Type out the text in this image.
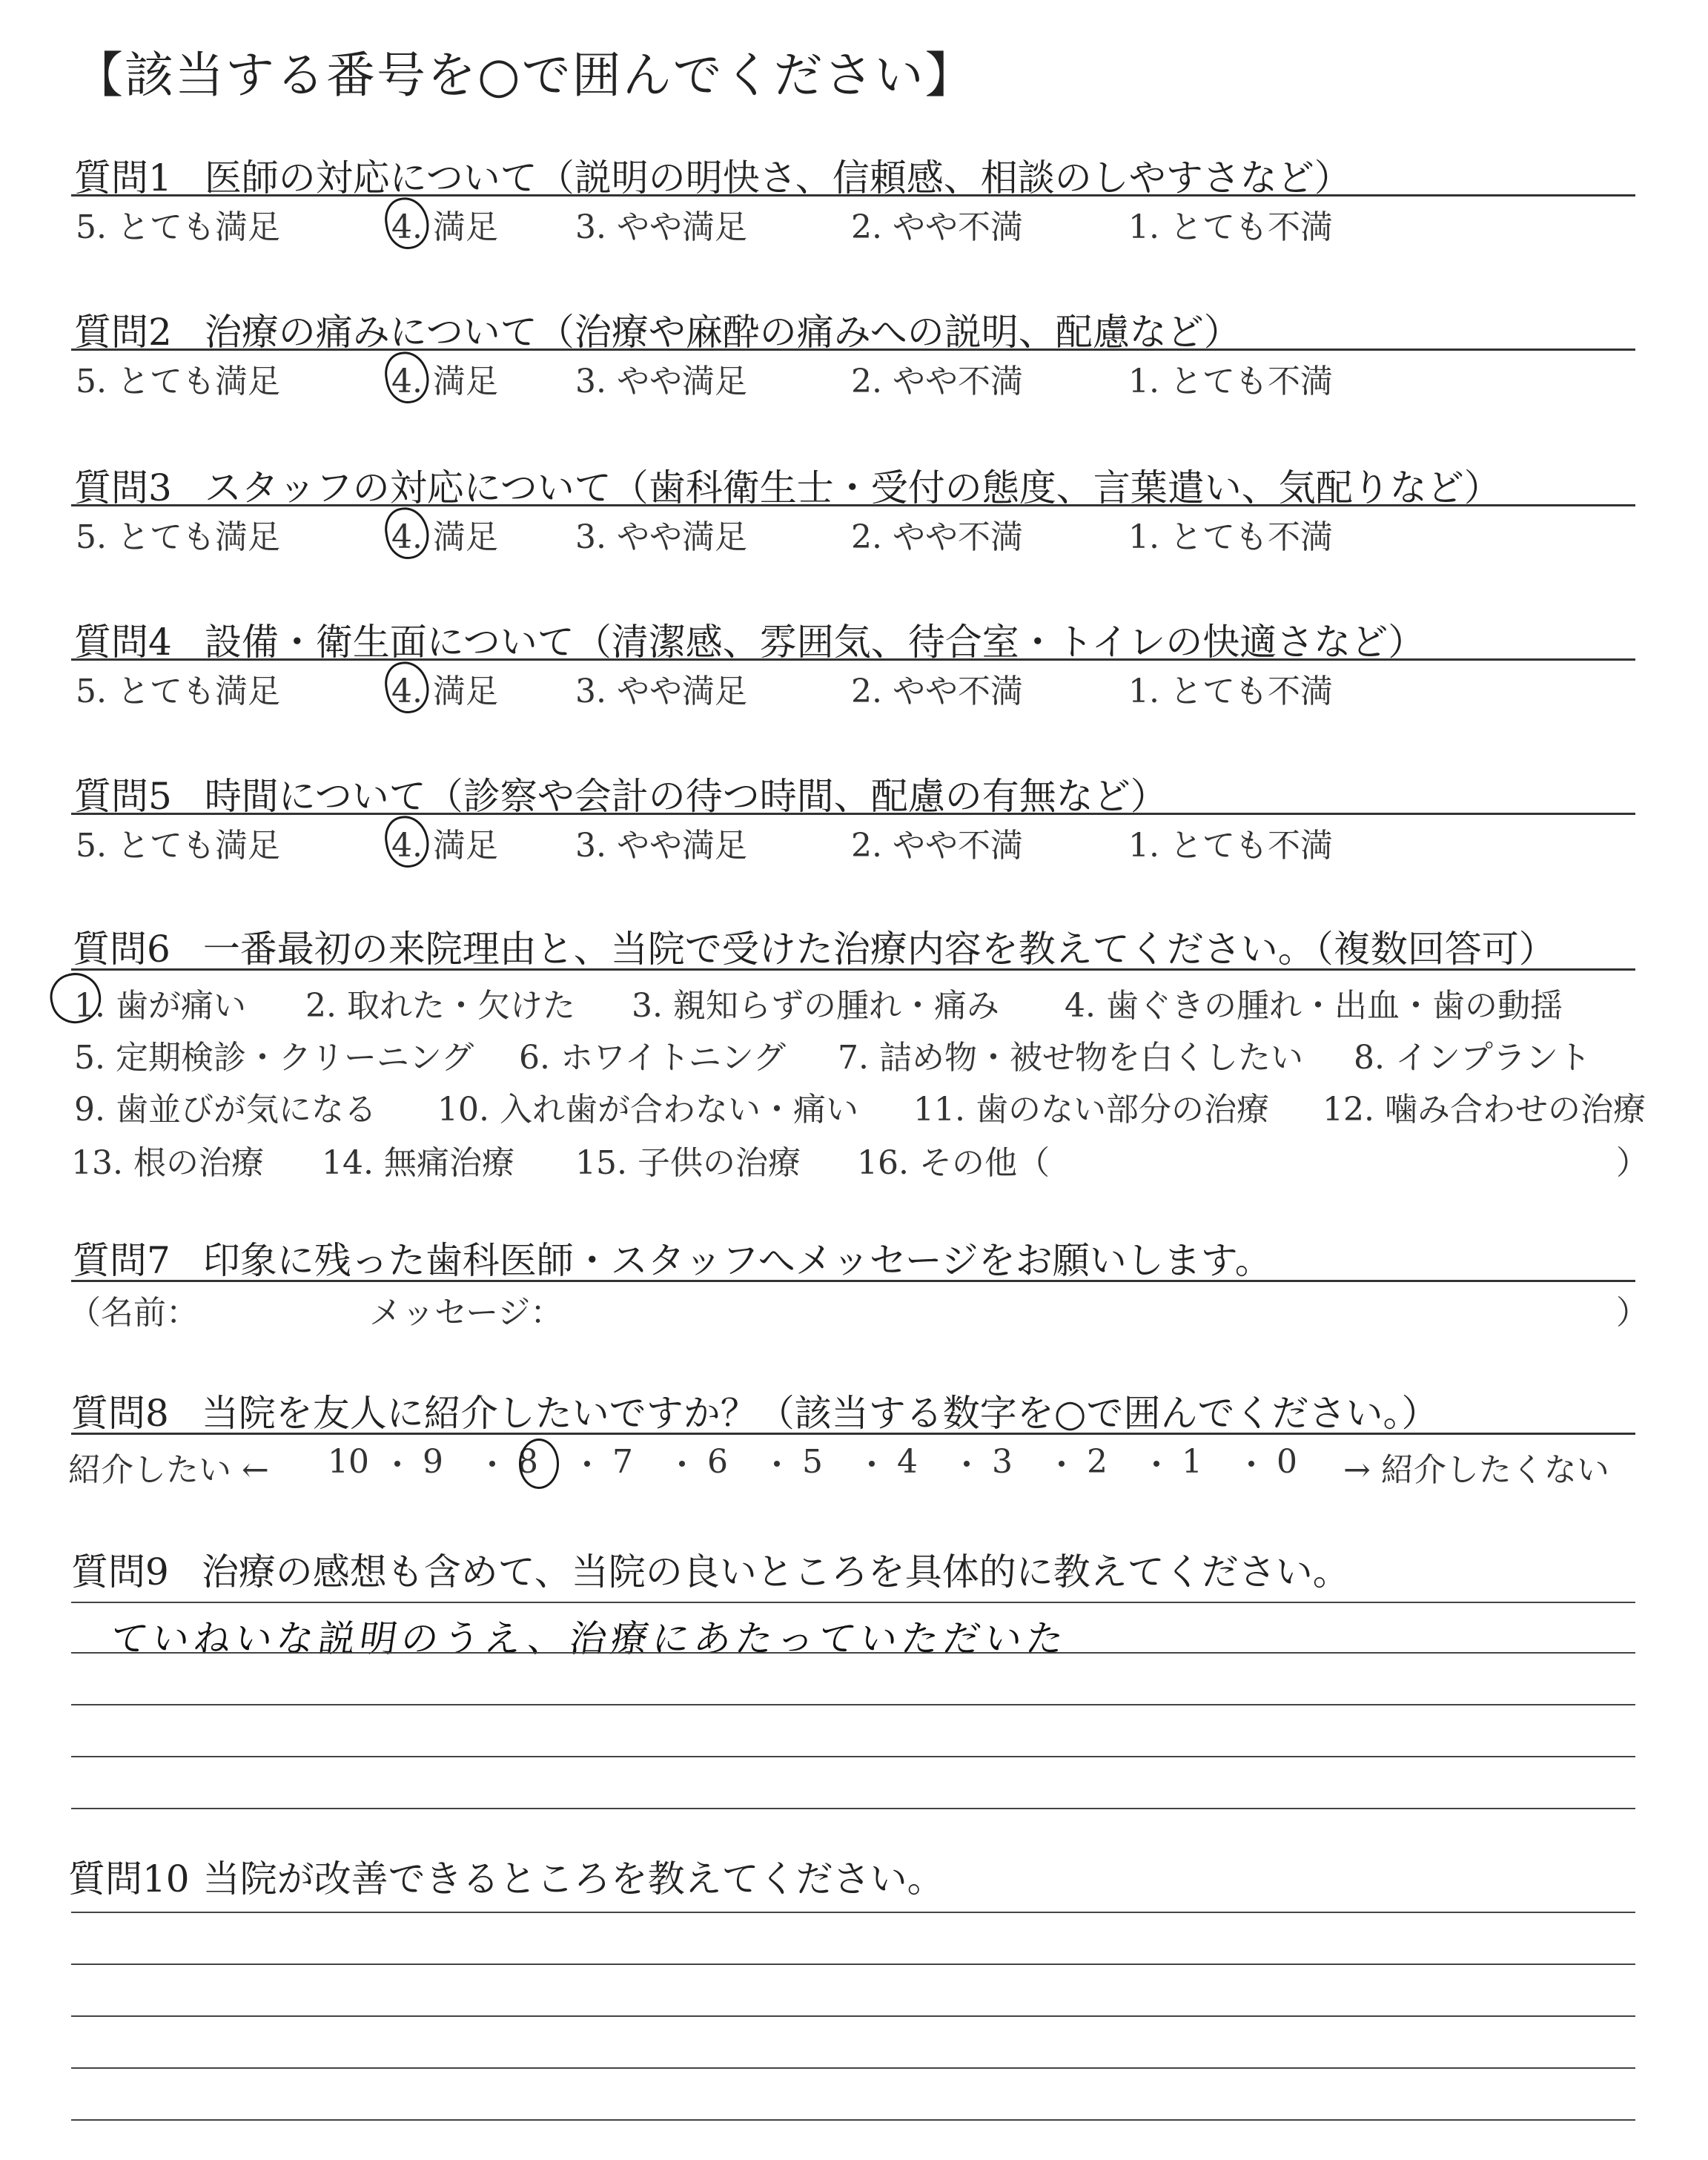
【該当する番号を○で囲んでください】
質問1 医師の対応について（説明の明快さ、信頼感、相談のしやすさなど）
5. とても満足	4. 満足 3. やや満足	2. やや不満	1. とても不満
質問2 治療の痛みについて（治療や麻酔の痛みへの説明、配慮など）
5. とても満足	4. 満足 3. やや満足	2. やや不満	1. とても不満
質問3 スタッフの対応について（歯科衛生士・受付の態度、言葉遣い、気配りなど）
5. とても満足	4. 満足 3. やや満足	2. やや不満	1. とても不満
質問4 設備・衛生面について（清潔感、雰囲気、待合室・トイレの快適さなど）
5. とても満足	4. 満足 3. やや満足	2. やや不満	1. とても不満
質問5 時間について（診察や会計の待つ時間、配慮の有無など）
5. とても満足	4. 満足 3. やや満足	2. やや不満	1. とても不満
質問6 一番最初の来院理由と、当院で受けた治療内容を教えてください。（複数回答可）
1. 歯が痛い 2. 取れた・欠けた 3. 親知らずの腫れ・痛み 4. 歯ぐきの腫れ・出血・歯の動揺
5. 定期検診・クリーニング 6. ホワイトニング 7. 詰め物・被せ物を白くしたい 8. インプラント
9. 歯並びが気になる 10. 入れ歯が合わない・痛い 11. 歯のない部分の治療 12. 噛み合わせの治療
13. 根の治療 14. 無痛治療 15. 子供の治療 16. その他（	）
質問7 印象に残った歯科医師・スタッフへメッセージをお願いします。
（名前：	メッセージ：	）
質問8 当院を友人に紹介したいですか？（該当する数字を○で囲んでください。）
紹介したい ←	→ 紹介したくない
10 9 8 7 6 5 4 3 2 1 0
質問9 治療の感想も含めて、当院の良いところを具体的に教えてください。
ていねいな説明のうえ、治療にあたっていただいた
質問10 当院が改善できるところを教えてください。
